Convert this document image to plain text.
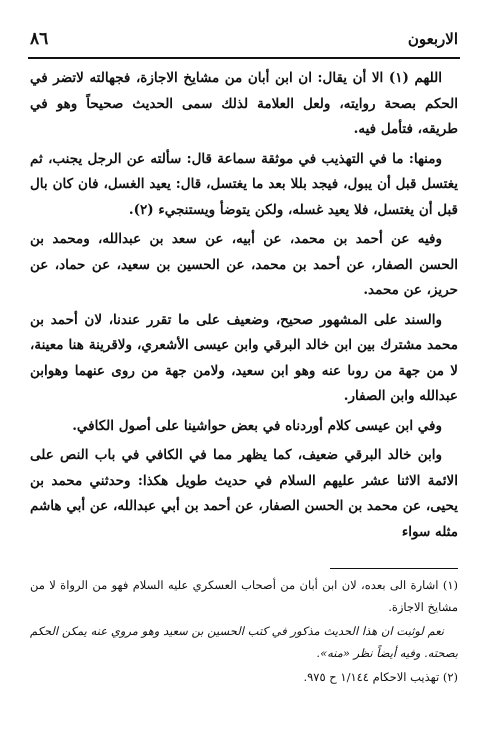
الاربعون
٨٦

اللهم (١) الا أن يقال: ان ابن أبان من مشايخ الاجازة، فجهالته لاتضر في الحكم بصحة روايته، ولعل العلامة لذلك سمى الحديث صحيحاً وهو في طريقه، فتأمل فيه.

ومنها: ما في التهذيب في موثقة سماعة قال: سألته عن الرجل يجنب، ثم يغتسل قبل أن يبول، فيجد بللا بعد ما يغتسل، قال: يعيد الغسل، فان كان بال قبل أن يغتسل، فلا يعيد غسله، ولكن يتوضأ ويستنجيء (٢).

وفيه عن أحمد بن محمد، عن أبيه، عن سعد بن عبدالله، ومحمد بن الحسن الصفار، عن أحمد بن محمد، عن الحسين بن سعيد، عن حماد، عن حريز، عن محمد.

والسند على المشهور صحيح، وضعيف على ما تقرر عندنا، لان أحمد بن محمد مشترك بين ابن خالد البرقي وابن عيسى الأشعري، ولاقرينة هنا معينة، لا من جهة من روىا عنه وهو ابن سعيد، ولامن جهة من روى عنهما وهوابن عبدالله وابن الصفار.

وفي ابن عيسى كلام أوردناه في بعض حواشينا على أصول الكافي.

وابن خالد البرقي ضعيف، كما يظهر مما في الكافي في باب النص على الائمة الاثنا عشر عليهم السلام في حديث طويل هكذا: وحدثني محمد بن يحيى، عن محمد بن الحسن الصفار، عن أحمد بن أبي عبدالله، عن أبي هاشم مثله سواء

(١) اشارة الى بعده، لان ابن أبان من أصحاب العسكري عليه السلام فهو من الرواة لا من مشايخ الاجازة.

نعم لوثبت ان هذا الحديث مذكور في كتب الحسين بن سعيد وهو مروي عنه يمكن الحكم بصحته. وفيه أيضاً نظر «منه».

(٢) تهذيب الاحكام ١/١٤٤ ح ٩٧٥.
